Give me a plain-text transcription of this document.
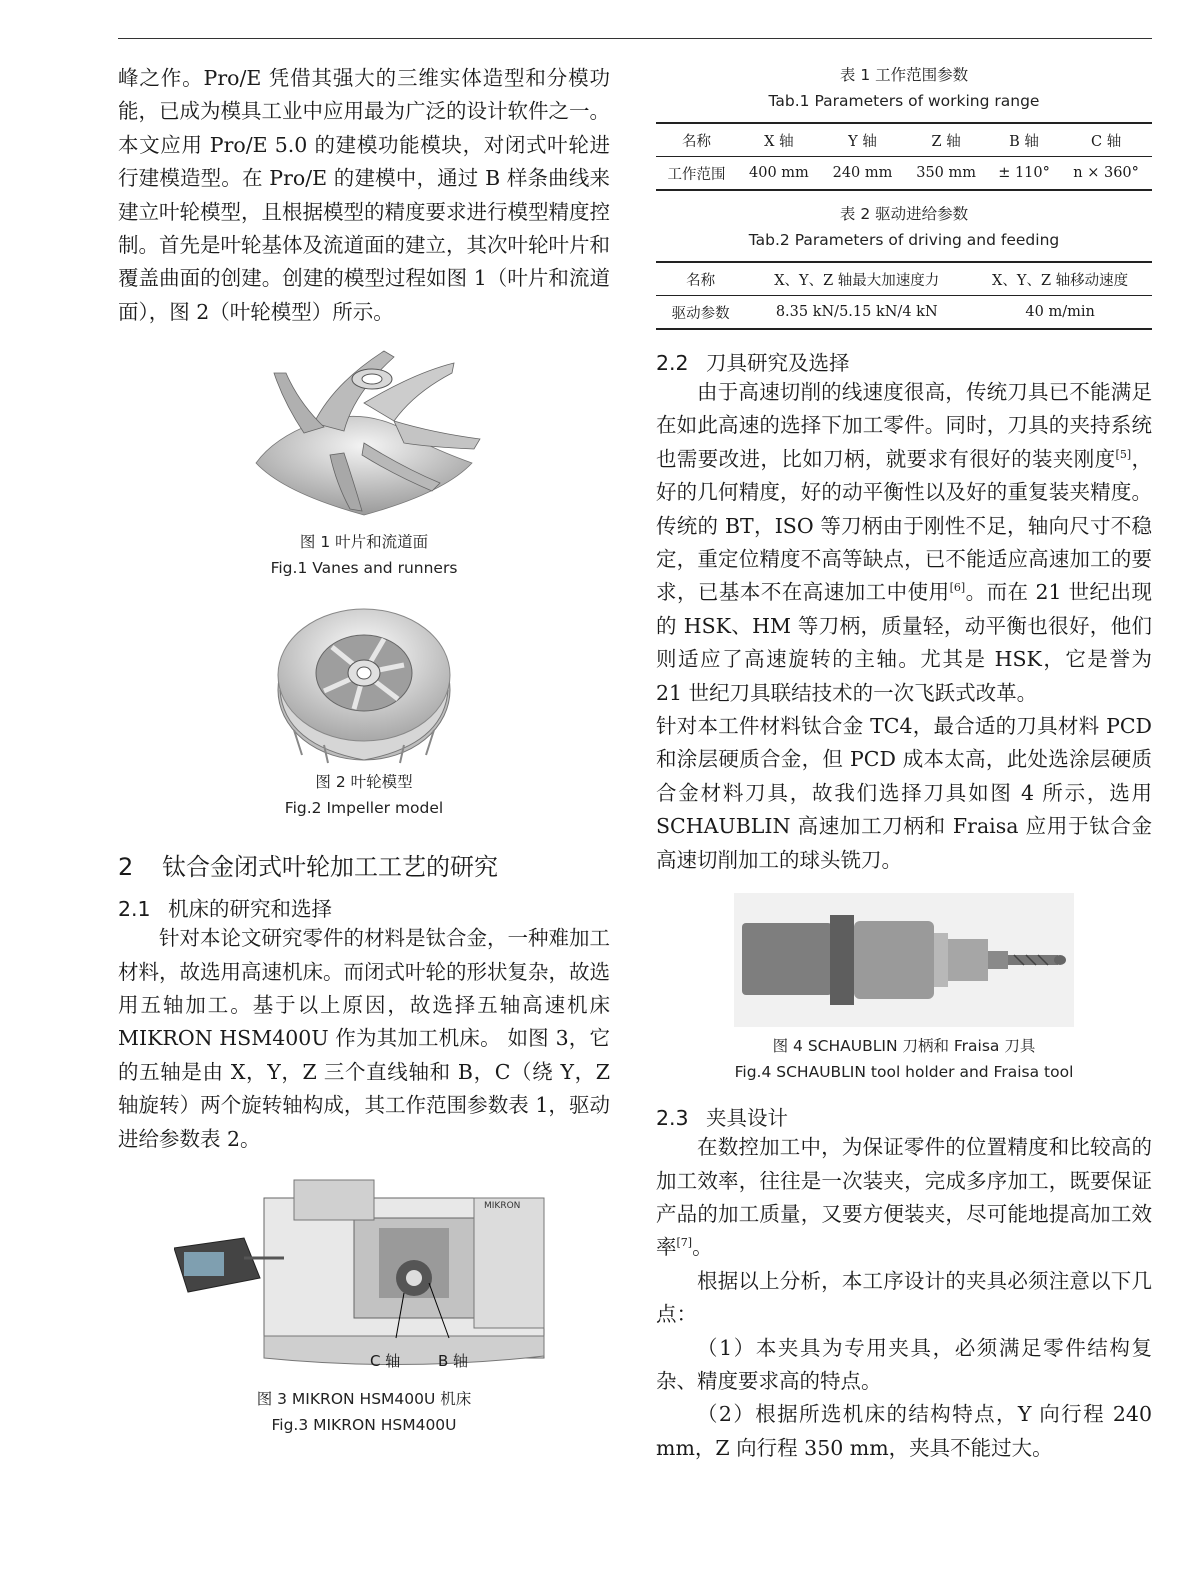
峰之作。Pro/E 凭借其强大的三维实体造型和分模功能，已成为模具工业中应用最为广泛的设计软件之一。本文应用 Pro/E 5.0 的建模功能模块，对闭式叶轮进行建模造型。在 Pro/E 的建模中，通过 B 样条曲线来建立叶轮模型，且根据模型的精度要求进行模型精度控制。首先是叶轮基体及流道面的建立，其次叶轮叶片和覆盖曲面的创建。创建的模型过程如图 1（叶片和流道面），图 2（叶轮模型）所示。

图 1 叶片和流道面
Fig.1 Vanes and runners
图 2 叶轮模型
Fig.2 Impeller model
2 钛合金闭式叶轮加工工艺的研究
2.1 机床的研究和选择

针对本论文研究零件的材料是钛合金，一种难加工材料，故选用高速机床。而闭式叶轮的形状复杂，故选用五轴加工。基于以上原因，故选择五轴高速机床 MIKRON HSM400U 作为其加工机床。 如图 3，它的五轴是由 X，Y，Z 三个直线轴和 B，C（绕 Y，Z 轴旋转）两个旋转轴构成，其工作范围参数表 1，驱动进给参数表 2。

MIKRON
C 轴	B 轴
图 3 MIKRON HSM400U 机床
Fig.3 MIKRON HSM400U
表 1 工作范围参数
Tab.1 Parameters of working range
名称	X 轴	Y 轴	Z 轴	B 轴	C 轴
工作范围	400 mm	240 mm	350 mm	± 110°	n × 360°
表 2 驱动进给参数
Tab.2 Parameters of driving and feeding
名称	X、Y、Z 轴最大加速度力	X、Y、Z 轴移动速度
驱动参数	8.35 kN/5.15 kN/4 kN	40 m/min
2.2 刀具研究及选择

由于高速切削的线速度很高，传统刀具已不能满足在如此高速的选择下加工零件。同时，刀具的夹持系统也需要改进，比如刀柄，就要求有很好的装夹刚度[5]，好的几何精度，好的动平衡性以及好的重复装夹精度。传统的 BT，ISO 等刀柄由于刚性不足，轴向尺寸不稳定，重定位精度不高等缺点，已不能适应高速加工的要求，已基本不在高速加工中使用[6]。而在 21 世纪出现的 HSK、HM 等刀柄，质量轻，动平衡也很好，他们则适应了高速旋转的主轴。尤其是 HSK，它是誉为 21 世纪刀具联结技术的一次飞跃式改革。

针对本工件材料钛合金 TC4，最合适的刀具材料 PCD 和涂层硬质合金，但 PCD 成本太高，此处选涂层硬质合金材料刀具，故我们选择刀具如图 4 所示，选用 SCHAUBLIN 高速加工刀柄和 Fraisa 应用于钛合金高速切削加工的球头铣刀。

图 4 SCHAUBLIN 刀柄和 Fraisa 刀具
Fig.4 SCHAUBLIN tool holder and Fraisa tool
2.3 夹具设计

在数控加工中，为保证零件的位置精度和比较高的加工效率，往往是一次装夹，完成多序加工，既要保证产品的加工质量，又要方便装夹，尽可能地提高加工效率[7]。

根据以上分析，本工序设计的夹具必须注意以下几点：

（1）本夹具为专用夹具，必须满足零件结构复杂、精度要求高的特点。

（2）根据所选机床的结构特点，Y 向行程 240 mm，Z 向行程 350 mm，夹具不能过大。
